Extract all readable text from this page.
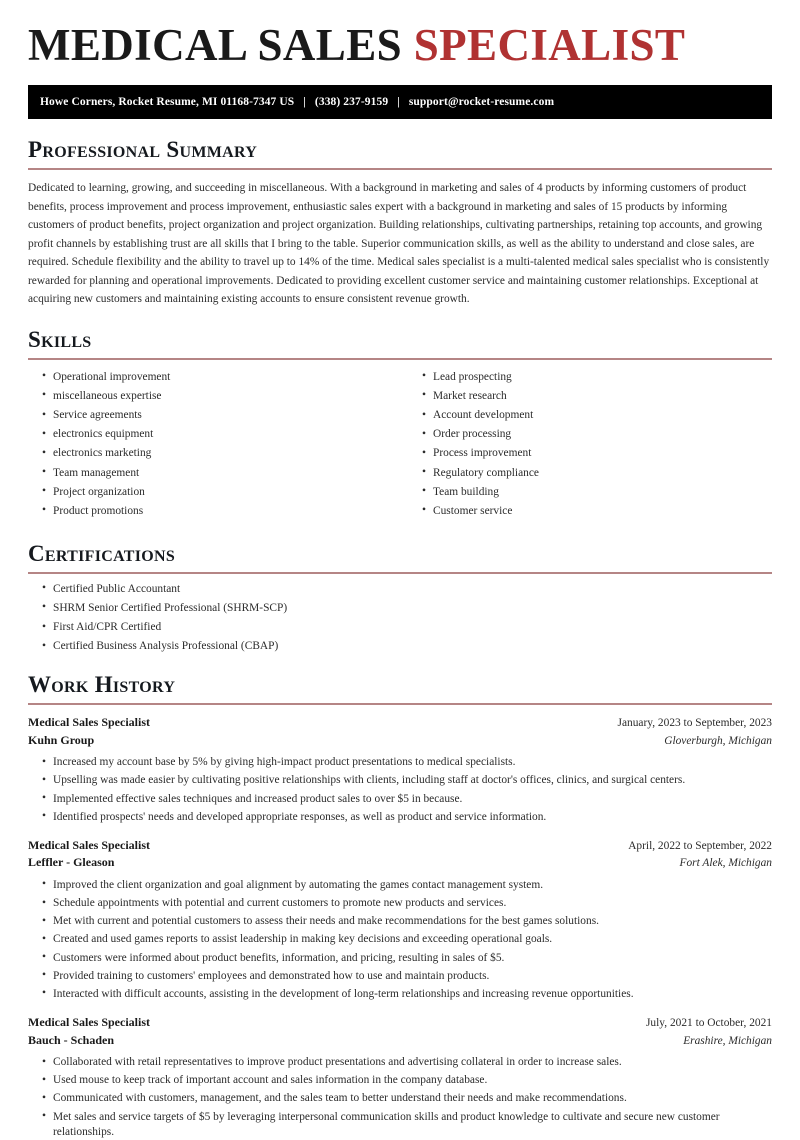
MEDICAL SALES SPECIALIST
Howe Corners, Rocket Resume, MI 01168-7347 US | (338) 237-9159 | support@rocket-resume.com
Professional Summary

Dedicated to learning, growing, and succeeding in miscellaneous. With a background in marketing and sales of 4 products by informing customers of product benefits, process improvement and process improvement, enthusiastic sales expert with a background in marketing and sales of 15 products by informing customers of product benefits, project organization and project organization. Building relationships, cultivating partnerships, retaining top accounts, and growing profit channels by establishing trust are all skills that I bring to the table. Superior communication skills, as well as the ability to understand and close sales, are required. Schedule flexibility and the ability to travel up to 14% of the time. Medical sales specialist is a multi-talented medical sales specialist who is consistently rewarded for planning and operational improvements. Dedicated to providing excellent customer service and maintaining customer relationships. Exceptional at acquiring new customers and maintaining existing accounts to ensure consistent revenue growth.

Skills
• Operational improvement
• miscellaneous expertise
• Service agreements
• electronics equipment
• electronics marketing
• Team management
• Project organization
• Product promotions
• Lead prospecting
• Market research
• Account development
• Order processing
• Process improvement
• Regulatory compliance
• Team building
• Customer service
Certifications
• Certified Public Accountant
• SHRM Senior Certified Professional (SHRM-SCP)
• First Aid/CPR Certified
• Certified Business Analysis Professional (CBAP)
Work History
Medical Sales Specialist	January, 2023 to September, 2023
Kuhn Group	Gloverburgh, Michigan
• Increased my account base by 5% by giving high-impact product presentations to medical specialists.
• Upselling was made easier by cultivating positive relationships with clients, including staff at doctor's offices, clinics, and surgical centers.
• Implemented effective sales techniques and increased product sales to over $5 in because.
• Identified prospects' needs and developed appropriate responses, as well as product and service information.
Medical Sales Specialist	April, 2022 to September, 2022
Leffler - Gleason	Fort Alek, Michigan
• Improved the client organization and goal alignment by automating the games contact management system.
• Schedule appointments with potential and current customers to promote new products and services.
• Met with current and potential customers to assess their needs and make recommendations for the best games solutions.
• Created and used games reports to assist leadership in making key decisions and exceeding operational goals.
• Customers were informed about product benefits, information, and pricing, resulting in sales of $5.
• Provided training to customers' employees and demonstrated how to use and maintain products.
• Interacted with difficult accounts, assisting in the development of long-term relationships and increasing revenue opportunities.
Medical Sales Specialist	July, 2021 to October, 2021
Bauch - Schaden	Erashire, Michigan
• Collaborated with retail representatives to improve product presentations and advertising collateral in order to increase sales.
• Used mouse to keep track of important account and sales information in the company database.
• Communicated with customers, management, and the sales team to better understand their needs and make recommendations.
• Met sales and service targets of $5 by leveraging interpersonal communication skills and product knowledge to cultivate and secure new customer relationships.
